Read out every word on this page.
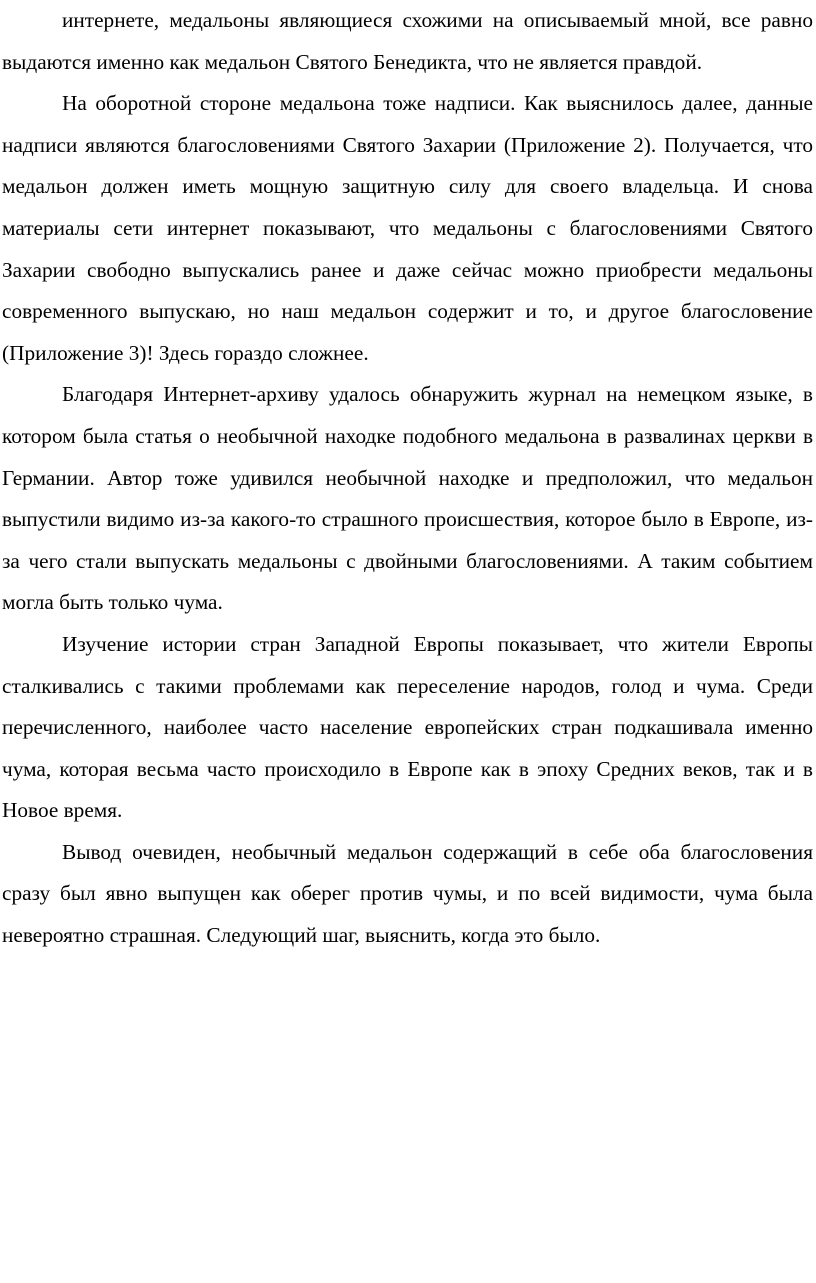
интернете, медальоны являющиеся схожими на описываемый мной, все равно выдаются именно как медальон Святого Бенедикта, что не является правдой.

На оборотной стороне медальона тоже надписи. Как выяснилось далее, данные надписи являются благословениями Святого Захарии (Приложение 2). Получается, что медальон должен иметь мощную защитную силу для своего владельца. И снова материалы сети интернет показывают, что медальоны с благословениями Святого Захарии свободно выпускались ранее и даже сейчас можно приобрести медальоны современного выпускаю, но наш медальон содержит и то, и другое благословение (Приложение 3)! Здесь гораздо сложнее.

Благодаря Интернет-архиву удалось обнаружить журнал на немецком языке, в котором была статья о необычной находке подобного медальона в развалинах церкви в Германии. Автор тоже удивился необычной находке и предположил, что медальон выпустили видимо из-за какого-то страшного происшествия, которое было в Европе, из-за чего стали выпускать медальоны с двойными благословениями. А таким событием могла быть только чума.

Изучение истории стран Западной Европы показывает, что жители Европы сталкивались с такими проблемами как переселение народов, голод и чума. Среди перечисленного, наиболее часто население европейских стран подкашивала именно чума, которая весьма часто происходило в Европе как в эпоху Средних веков, так и в Новое время.

Вывод очевиден, необычный медальон содержащий в себе оба благословения сразу был явно выпущен как оберег против чумы, и по всей видимости, чума была невероятно страшная. Следующий шаг, выяснить, когда это было.
